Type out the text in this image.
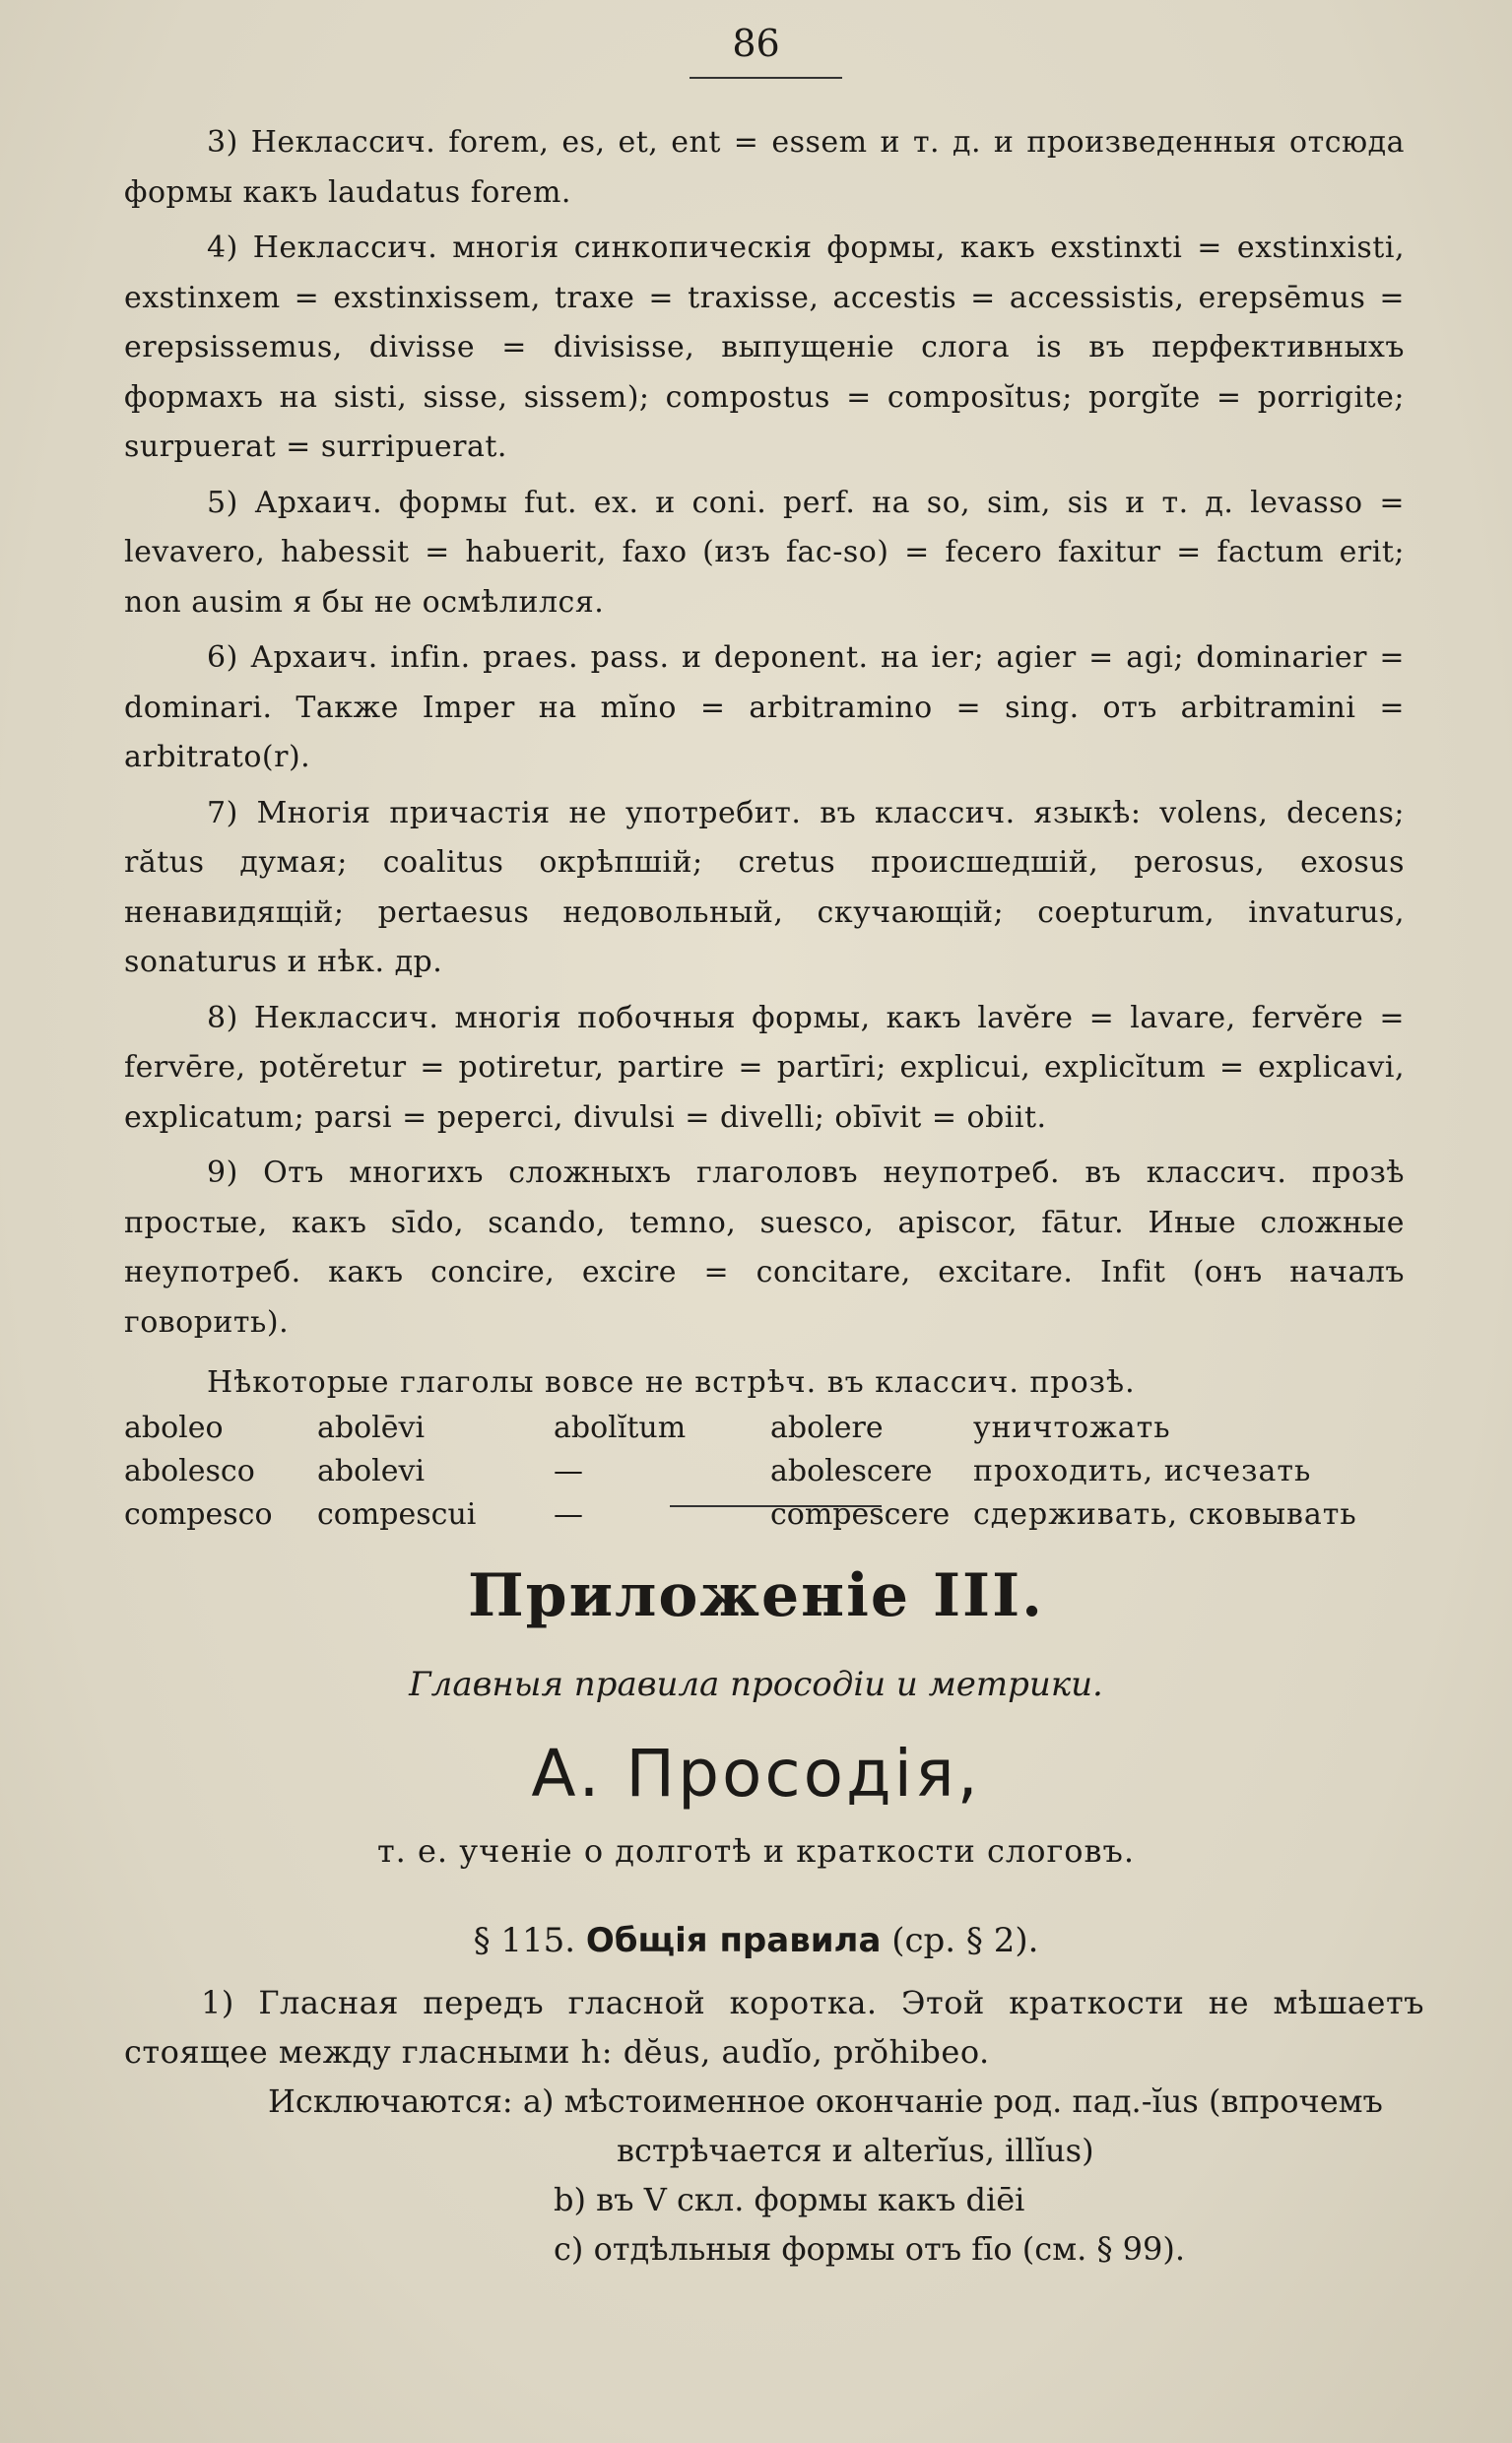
86

3) Неклассич. forem, es, et, ent = essem и т. д. и произведенныя отсюда формы какъ laudatus forem.

4) Неклассич. многія синкопическія формы, какъ exstinxti = exstinxisti, exstinxem = exstinxissem, traxe = traxisse, accestis = accessistis, erepsēmus = erepsissemus, divisse = divisisse, выпущеніе слога is въ перфективныхъ формахъ на sisti, sisse, sissem); compostus = composĭtus; porgĭte = porrigite; surpuerat = surripuerat.

5) Архаич. формы fut. ex. и coni. perf. на so, sim, sis и т. д. levasso = levavero, habessit = habuerit, faxo (изъ fac-so) = fecero faxitur = factum erit; non ausim я бы не осмѣлился.

6) Архаич. infin. praes. pass. и deponent. на ier; agier = agi; dominarier = dominari. Также Imper на mĭno = arbitramino = sing. отъ arbitramini = arbitrato(r).

7) Многія причастія не употребит. въ классич. языкѣ: volens, decens; rătus думая; coalitus окрѣпшій; cretus происшедшій, perosus, exosus ненавидящій; pertaesus недовольный, скучающій; coepturum, invaturus, sonaturus и нѣк. др.

8) Неклассич. многія побочныя формы, какъ lavĕre = lavare, fervĕre = fervēre, potĕretur = potiretur, partire = partīri; explicui, explicĭtum = explicavi, explicatum; parsi = peperci, divulsi = divelli; obīvit = obiit.

9) Отъ многихъ сложныхъ глаголовъ неупотреб. въ классич. прозѣ простые, какъ sīdo, scando, temno, suesco, apiscor, fātur. Иные сложные неупотреб. какъ concire, excire = concitare, excitare. Infit (онъ началъ говорить).

Нѣкоторые глаголы вовсе не встрѣч. въ классич. прозѣ.

aboleo	abolēvi	abolĭtum	abolere	уничтожать
abolesco	abolevi	—	abolescere	проходить, исчезать
compesco	compescui	—	compescere	сдерживать, сковывать
Приложеніе III.
Главныя правила просодіи и метрики.
А. Просодія,
т. е. ученіе о долготѣ и краткости слоговъ.
§ 115. Общія правила (ср. § 2).

1) Гласная передъ гласной коротка. Этой краткости не мѣшаетъ стоящее между гласными h: dĕus, audĭo, prŏhibeo.

Исключаются: а) мѣстоименное окончаніе род. пад.-ĭus (впрочемъ

встрѣчается и alterĭus, illĭus)

b) въ V скл. формы какъ diēi

c) отдѣльныя формы отъ fīo (см. § 99).
